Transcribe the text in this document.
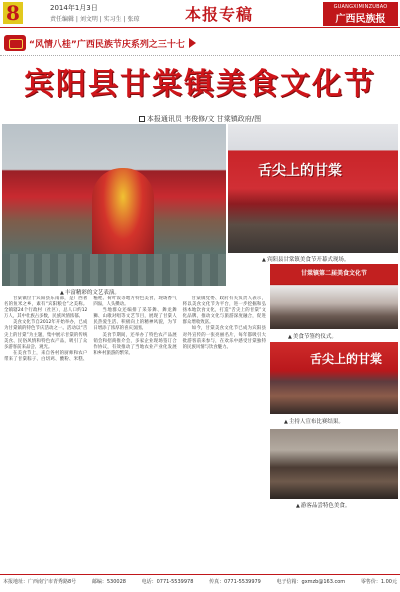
8	2014年1月3日
责任编辑 | 刘文明 | 实习生 | 张琼	本报专稿	GUANGXIMINZUBAO
广西民族报
“风情八桂”广西民族节庆系列之三十七
宾阳县甘棠镇美食文化节
本报通讯员 韦俊修/文 甘棠镇政府/图
▲ 丰富精彩的文艺表演。
舌尖上的甘棠
▲ 宾阳县甘棠镇美食节开幕式现场。
甘棠镇第二届美食文化节
▲ 美食节签约仪式。
舌尖上的甘棠
▲ 主持人宣布比赛结果。
▲ 游客品尝特色美食。

甘棠镇位于宾阳县东南部，是广西著名的鱼米之乡，素有“宾阳粮仓”之美称。全镇辖24个行政村（社区），总人口约12万人，其中壮族占多数，民族风情浓郁。

美食文化节自2012年开始举办，已成为甘棠镇的特色节庆活动之一。活动以“舌尖上的甘棠”为主题，集中展示甘棠的传统美食、民俗风情和特色农产品，吸引了众多游客前来品尝、观光。

在美食节上，来自各村的厨师和农户带来了甘棠粽子、白切鸡、酸粉、米糕、糍粑、荷叶饭等地方特色美食，现场香气四溢，人头攒动。

当地群众还编排了采茶舞、舞龙舞狮、山歌对唱等文艺节目，展现了甘棠人民热爱生活、积极向上的精神风貌，为节日增添了浓厚的喜庆氛围。

美食节期间，还举办了特色农产品展销会和招商推介会，多家企业现场签订合作协议，有效推动了当地农业产业化发展和乡村旅游的繁荣。

甘棠镇党委、政府有关负责人表示，将以美食文化节为平台，进一步挖掘和弘扬本地饮食文化，打造“舌尖上的甘棠”文化品牌，推动文化与旅游深度融合，促进群众增收致富。

如今，甘棠美食文化节已成为宾阳县对外宣传的一张亮丽名片，每年都吸引大批游客前来参与，在欢乐中感受甘棠独特的民族风情与饮食魅力。

本报地址：广西南宁市青秀路8号	邮编：530028	电话：0771-5539978	传真：0771-5539979	电子信箱：gxmzb@163.com	零售价：1.00元
